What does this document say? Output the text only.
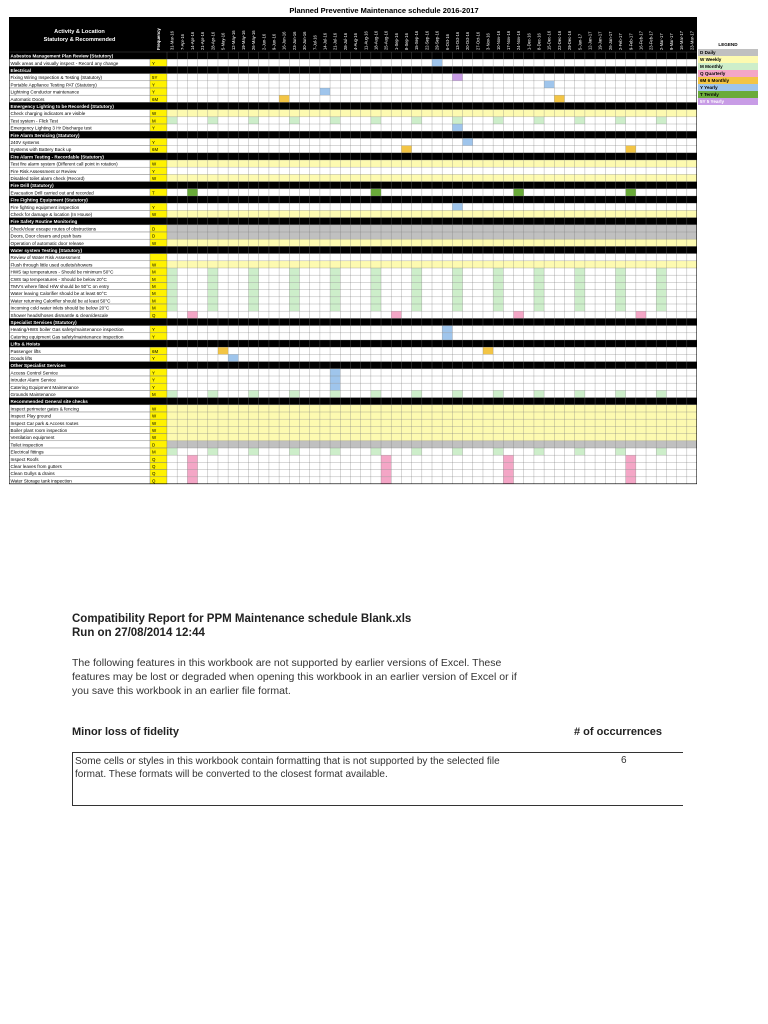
Planned Preventive Maintenance schedule 2016-2017
Activity & Location
Statutory & Recommended	Frequency 31-Mar-16 7-Apr-16 14-Apr-16 21-Apr-16 28-Apr-16 5-May-16 12-May-16 19-May-16 26-May-16 2-Jun-16 9-Jun-16 16-Jun-16 23-Jun-16 30-Jun-16 7-Jul-16 14-Jul-16 21-Jul-16 28-Jul-16 4-Aug-16 11-Aug-16 18-Aug-16 25-Aug-16 1-Sep-16 8-Sep-16 15-Sep-16 22-Sep-16 29-Sep-16 6-Oct-16 13-Oct-16 20-Oct-16 27-Oct-16 3-Nov-16 10-Nov-16 17-Nov-16 24-Nov-16 1-Dec-16 8-Dec-16 15-Dec-16 22-Dec-16 29-Dec-16 5-Jan-17 12-Jan-17 19-Jan-17 26-Jan-17 2-Feb-17 9-Feb-17 16-Feb-17 23-Feb-17 2-Mar-17 9-Mar-17 16-Mar-17 23-Mar-17
Asbestos Management Plan Review (Statutory)
Walk areas and visually inspect - Record any change	Y
Electrical
Fixing Wiring Inspection & Testing (Statutory)	5Y
Portable Appliance Testing PAT (Statutory)	Y
Lightning Conductor maintenance	Y
Automatic Doors	6M
Emergency Lighting to be Recorded (Statutory)
Check charging indicators are visible	W
Test system - Flick Test	M
Emergency Lighting 3 Hr Discharge test	Y
Fire Alarm Servicing (Statutory)
240V systems	Y
Systems with Battery Back up	6M
Fire Alarm Testing - Recordable (Statutory)
Test fire alarm system (Different call point in rotation)	W
Fire Risk Assessment or Review	Y
Disabled toilet alarm check (Record)	W
Fire Drill (Statutory)
Evacuation Drill carried out and recorded	T
Fire Fighting Equipment (Statutory)
Fire fighting equipment inspection	Y
Check for damage & location (In House)	W
Fire Safety Routine Monitoring
Check/clear escape routes of obstructions	D
Doors, Door closers and push bars	D
Operation of automatic door release	W
Water system Testing (Statutory)
Review of Water Risk Assessment
Flush through little used outlets/showers	W
HWS tap temperatures - Should be minimum 50°C	M
CWS tap temperatures - Should be below 20°C	M
TMV's where fitted H/W should be 50°C on entry	M
Water leaving Calorifier should be at least 60°C	M
Water returning Calorifier should be at least 50°C	M
Incoming cold water inlets should be below 20°C	M
Shower heads/hoses dismantle & clean/descale	Q
Specialist Services (Statutory)
Heating/HWS boiler Gas safety/maintenance inspection	Y
Catering equipment Gas safety/maintenance inspection	Y
Lifts & Hoists
Passenger lifts	6M
Goods lifts	Y
Other Specialist Services
Access Control Service	Y
Intruder Alarm Service	Y
Catering Equipment Maintenance	Y
Grounds Maintenance	M
Recommended General site checks
Inspect perimeter gates & fencing	W
Inspect Play ground	W
Inspect Car park & Access routes	W
Boiler plant room inspection	W
Ventilation equipment	W
Toilet inspection	D
Electrical fittings	M
Inspect Roofs	Q
Clear leaves from gutters	Q
Clean Gullys & drains	Q
Water Storage tank inspection	Q
LEGEND
D Daily
W Weekly
M Monthly
Q Quarterly
6M 6 Monthly
Y Yearly
T Termly
5Y 5 Yearly
Compatibility Report for PPM Maintenance schedule Blank.xls
Run on 27/08/2014 12:44
The following features in this workbook are not supported by earlier versions of Excel. These features may be lost or degraded when opening this workbook in an earlier version of Excel or if you save this workbook in an earlier file format.
Minor loss of fidelity	# of occurrences
Some cells or styles in this workbook contain formatting that is not supported by the selected file format. These formats will be converted to the closest format available.
6
